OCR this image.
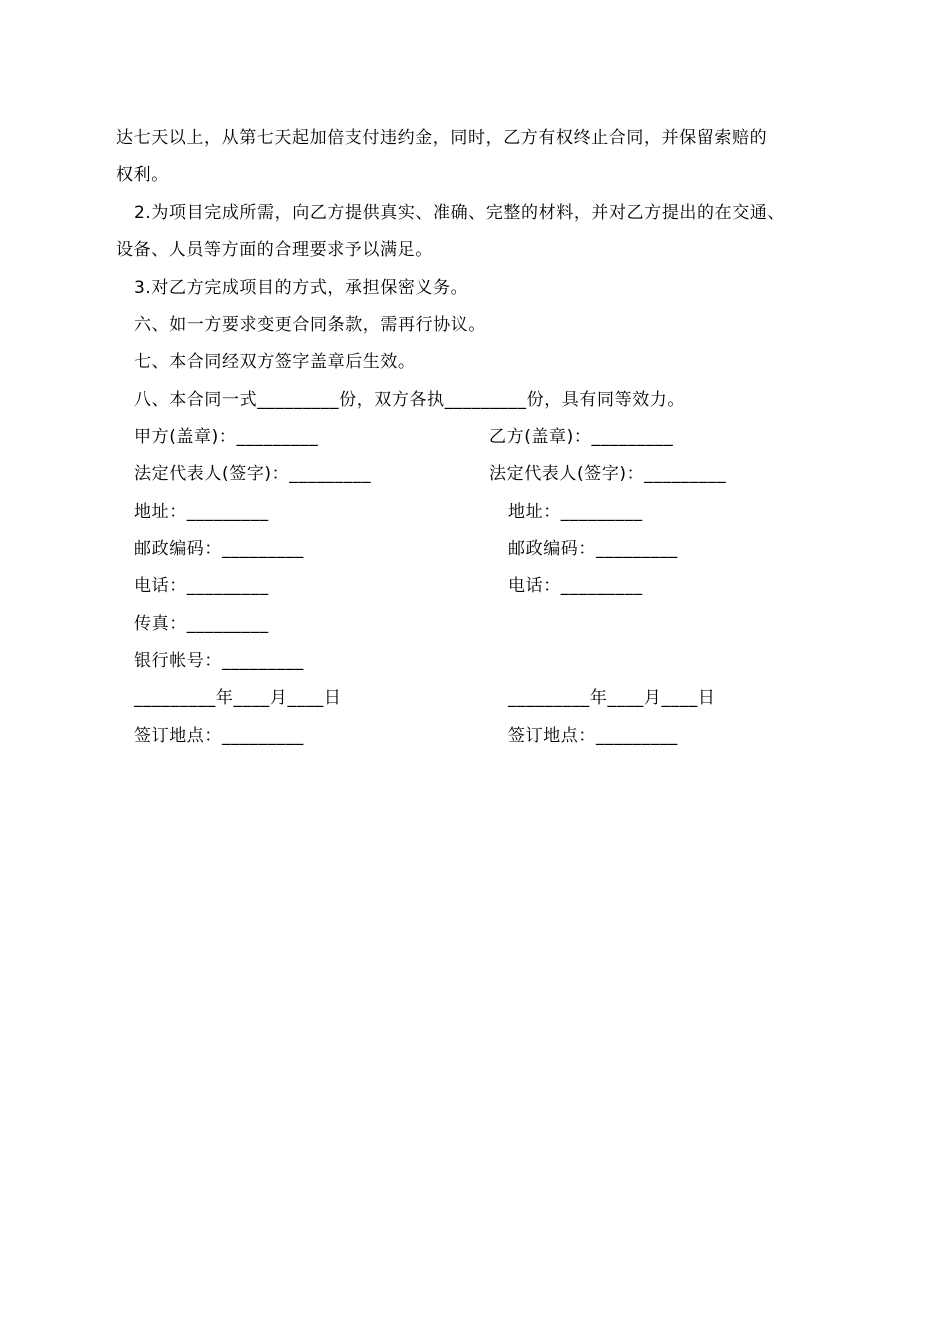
达七天以上，从第七天起加倍支付违约金，同时，乙方有权终止合同，并保留索赔的
权利。
2.为项目完成所需，向乙方提供真实、准确、完整的材料，并对乙方提出的在交通、
设备、人员等方面的合理要求予以满足。
3.对乙方完成项目的方式，承担保密义务。
六、如一方要求变更合同条款，需再行协议。
七、本合同经双方签字盖章后生效。
八、本合同一式_________份，双方各执_________份，具有同等效力。
甲方(盖章)：_________
法定代表人(签字)：_________
地址：_________
邮政编码：_________
电话：_________
传真：_________
银行帐号：_________
_________年____月____日
签订地点：_________
乙方(盖章)：_________
法定代表人(签字)：_________
地址：_________
邮政编码：_________
电话：_________
_________年____月____日
签订地点：_________
